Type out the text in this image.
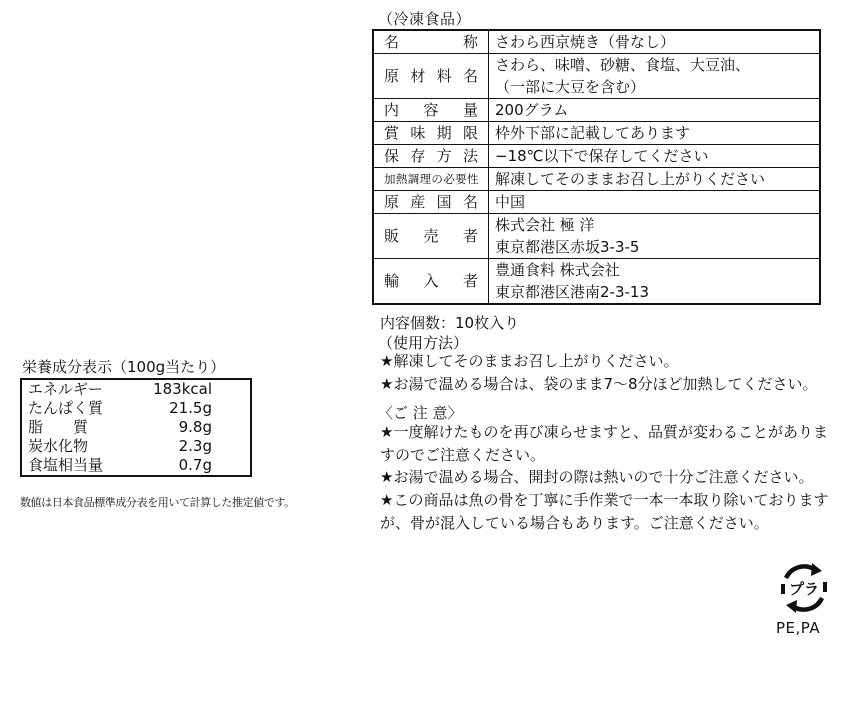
（冷凍食品）
名称	さわら西京焼き（骨なし）
原材料名	さわら、味噌、砂糖、食塩、大豆油、
（一部に大豆を含む）

内容量	200グラム
賞味期限	枠外下部に記載してあります
保存方法	−18℃以下で保存してください
加熱調理の必要性	解凍してそのままお召し上がりください
原産国名	中国
販売者	株式会社 極 洋
東京都港区赤坂3-3-5

輸入者	豊通食料 株式会社
東京都港区港南2-3-13
内容個数：10枚入り
（使用方法）
★解凍してそのままお召し上がりください。
★お湯で温める場合は、袋のまま7〜8分ほど加熱してください。
〈ご 注 意〉
★一度解けたものを再び凍らせますと、品質が変わることがありますのでご注意ください。
★お湯で温める場合、開封の際は熱いので十分ご注意ください。
★この商品は魚の骨を丁寧に手作業で一本一本取り除いておりますが、骨が混入している場合もあります。ご注意ください。
栄養成分表示（100g当たり）
エネルギー	183kcal
たんぱく質	21.5g
脂　　質	9.8g
炭水化物	2.3g
食塩相当量	0.7g
数値は日本食品標準成分表を用いて計算した推定値です。
プラ
PE,PA
